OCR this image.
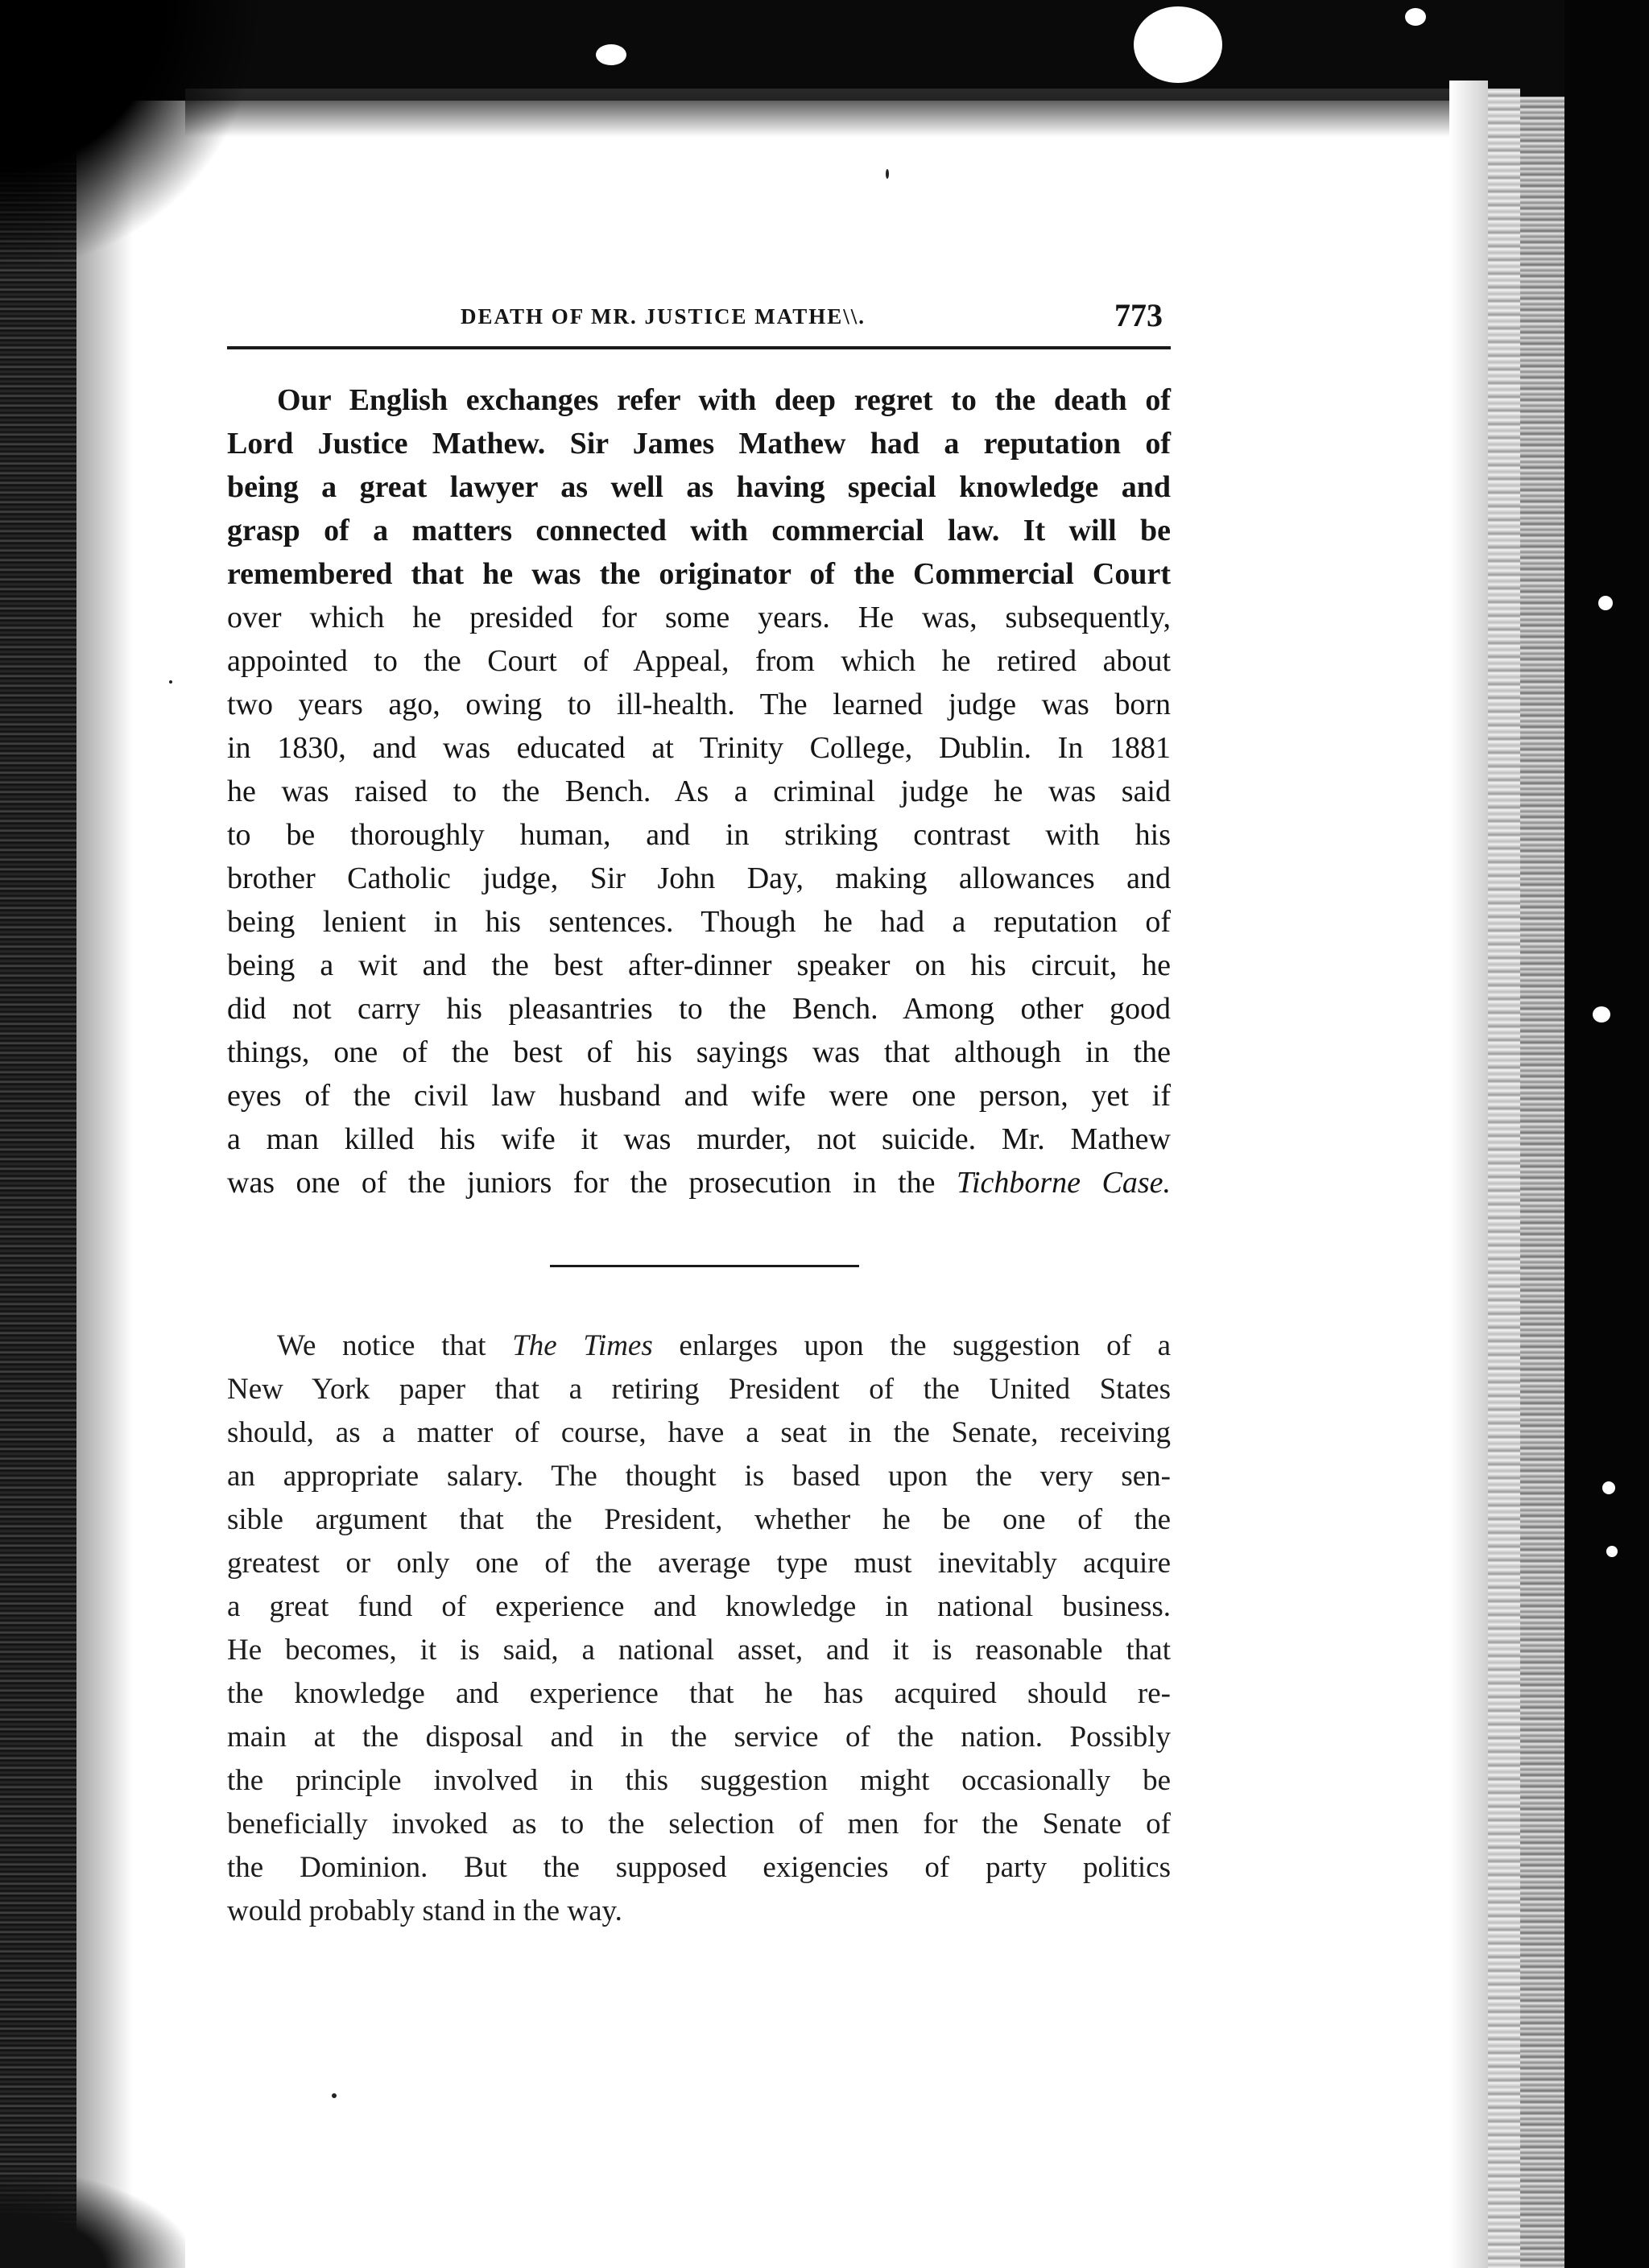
DEATH OF MR. JUSTICE MATHE\\.	773
Our English exchanges refer with deep regret to the death of
Lord Justice Mathew. Sir James Mathew had a reputation of
being a great lawyer as well as having special knowledge and
grasp of a matters connected with commercial law. It will be
remembered that he was the originator of the Commercial Court
over which he presided for some years. He was, subsequently,
appointed to the Court of Appeal, from which he retired about
two years ago, owing to ill-health. The learned judge was born
in 1830, and was educated at Trinity College, Dublin. In 1881
he was raised to the Bench. As a criminal judge he was said
to be thoroughly human, and in striking contrast with his
brother Catholic judge, Sir John Day, making allowances and
being lenient in his sentences. Though he had a reputation of
being a wit and the best after-dinner speaker on his circuit, he
did not carry his pleasantries to the Bench. Among other good
things, one of the best of his sayings was that although in the
eyes of the civil law husband and wife were one person, yet if
a man killed his wife it was murder, not suicide. Mr. Mathew
was one of the juniors for the prosecution in the Tichborne Case.
We notice that The Times enlarges upon the suggestion of a
New York paper that a retiring President of the United States
should, as a matter of course, have a seat in the Senate, receiving
an appropriate salary. The thought is based upon the very sen-
sible argument that the President, whether he be one of the
greatest or only one of the average type must inevitably acquire
a great fund of experience and knowledge in national business.
He becomes, it is said, a national asset, and it is reasonable that
the knowledge and experience that he has acquired should re-
main at the disposal and in the service of the nation. Possibly
the principle involved in this suggestion might occasionally be
beneficially invoked as to the selection of men for the Senate of
the Dominion. But the supposed exigencies of party politics
would probably stand in the way.
